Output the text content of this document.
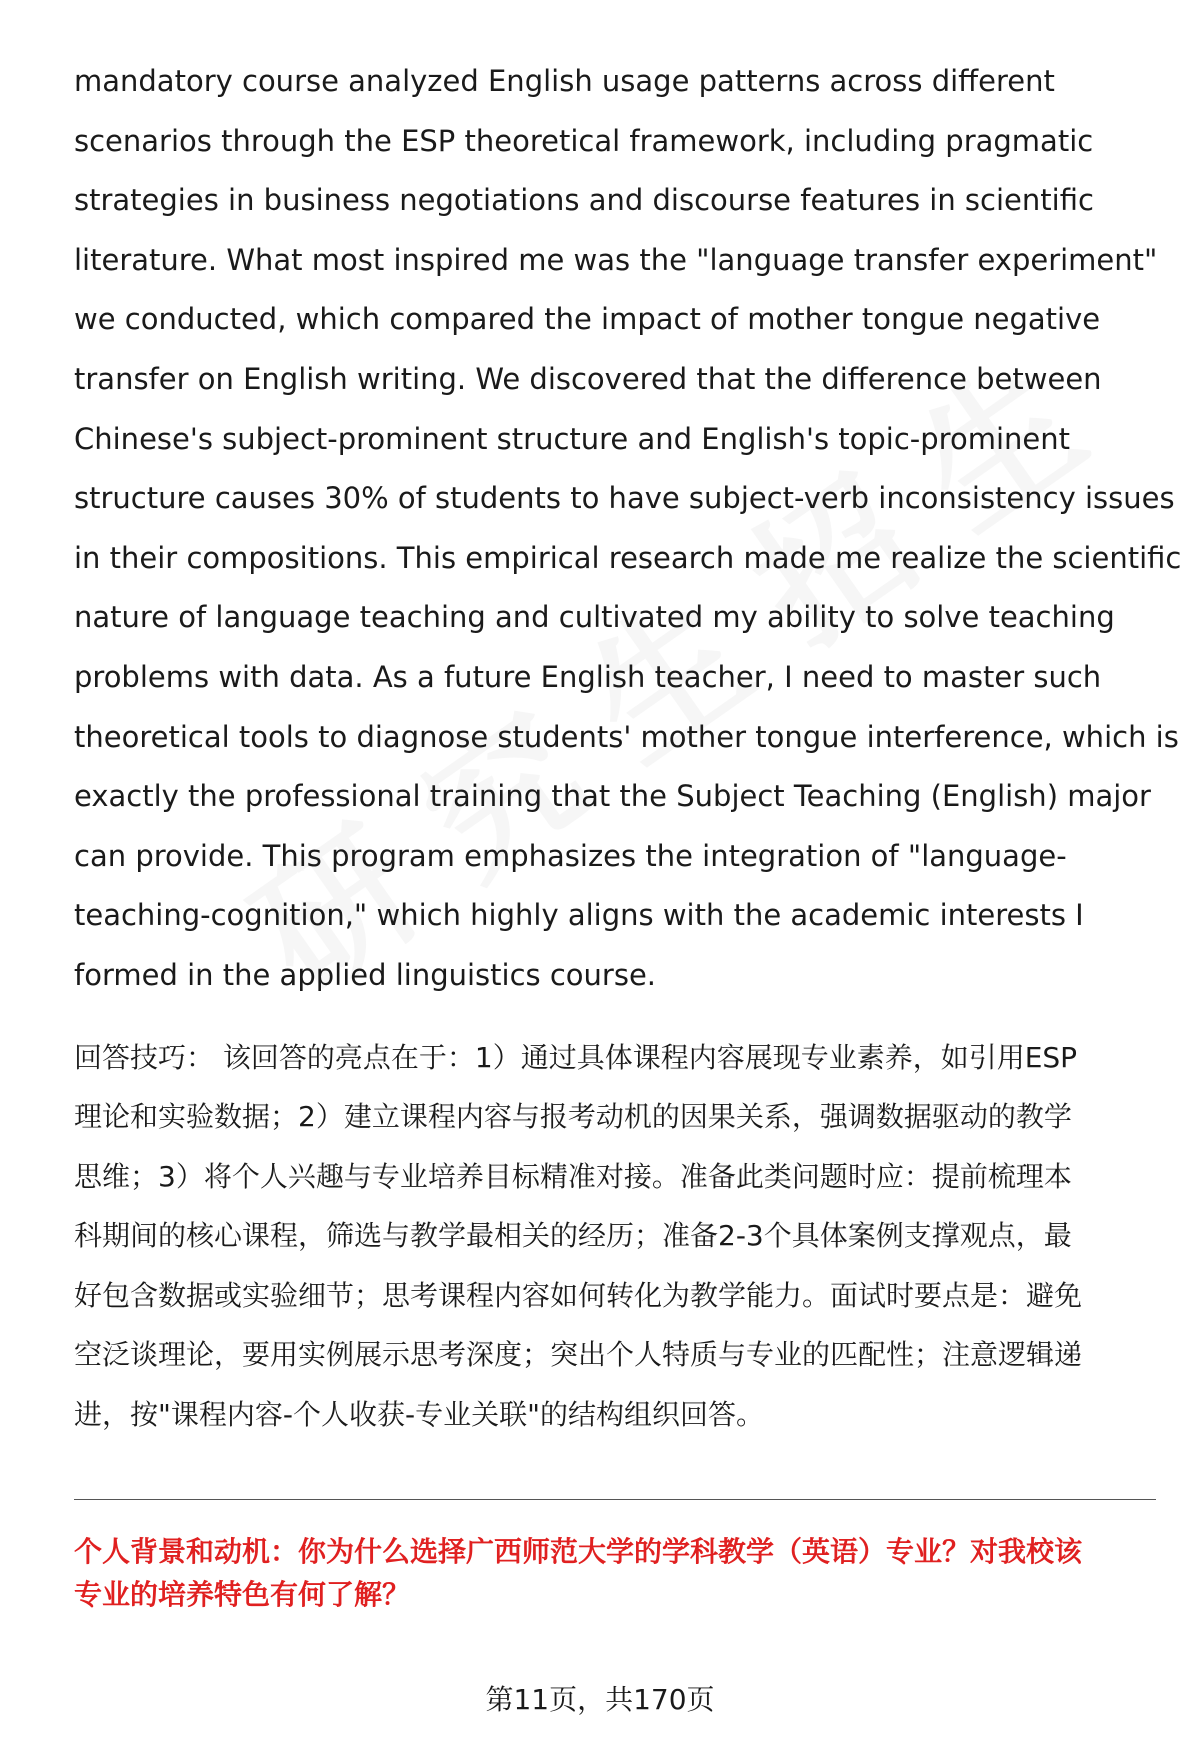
mandatory course analyzed English usage patterns across different
scenarios through the ESP theoretical framework, including pragmatic
strategies in business negotiations and discourse features in scientific
literature. What most inspired me was the "language transfer experiment"
we conducted, which compared the impact of mother tongue negative
transfer on English writing. We discovered that the difference between
Chinese's subject-prominent structure and English's topic-prominent
structure causes 30% of students to have subject-verb inconsistency issues
in their compositions. This empirical research made me realize the scientific
nature of language teaching and cultivated my ability to solve teaching
problems with data. As a future English teacher, I need to master such
theoretical tools to diagnose students' mother tongue interference, which is
exactly the professional training that the Subject Teaching (English) major
can provide. This program emphasizes the integration of "language-
teaching-cognition," which highly aligns with the academic interests I
formed in the applied linguistics course.
回答技巧： 该回答的亮点在于：1）通过具体课程内容展现专业素养，如引用ESP
理论和实验数据；2）建立课程内容与报考动机的因果关系，强调数据驱动的教学
思维；3）将个人兴趣与专业培养目标精准对接。准备此类问题时应：提前梳理本
科期间的核心课程，筛选与教学最相关的经历；准备2-3个具体案例支撑观点，最
好包含数据或实验细节；思考课程内容如何转化为教学能力。面试时要点是：避免
空泛谈理论，要用实例展示思考深度；突出个人特质与专业的匹配性；注意逻辑递
进，按"课程内容-个人收获-专业关联"的结构组织回答。
个人背景和动机：你为什么选择广西师范大学的学科教学（英语）专业？对我校该
专业的培养特色有何了解？
第11页，共170页
